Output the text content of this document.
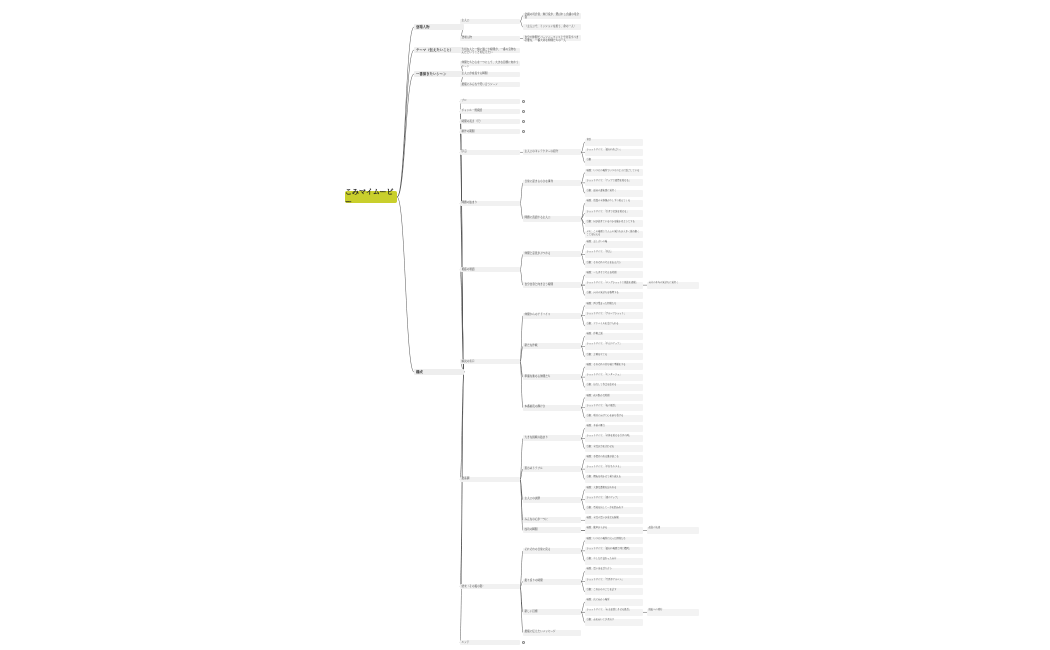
こみマイムービー
登場人物
主人公
会議の司会者、進行役が、選ばれし会議の司会者
（主人公で、ミッションを担う、命の一人）
登場人物	自分や仲間でパーフォーマンス上で共有すべき必要な、一番大切な仲間たちの一人
テーマ（伝えたいこと）	大切な人と一緒に過ごす時間が、一番の宝物なんだということを伝えたい
一番描きたいシーン
仲間たちと心を一つにして、大きな目標に向かうシーン
主人公が成長する瞬間
最後にみんなで笑い合うシーン
構成
プロ
ジャンル・規模感
時間の長さ（尺）
制作の期間
序章	主人公のキャラクターの紹介
背景
ショットサイズ：「最初の出会い」
行動
問題の始まり
日常に起きる小さな事件
場面：いつもの場所でいつものように過ごしている
ショットサイズ：「アップで表情を見せる」
行動：最初の違和感に気付く
問題に直面する主人公
場面：問題の全体像が少しずつ見えてくる
ショットサイズ：「引きで状況を見せる」
行動：何が起きているのかを確かめようとする
メモ：この場面で主人公の気持ちが大きく揺れ動くことを伝える
葛藤の場面
仲間と意見がぶつかる
場面：話し合いの場
ショットサイズ：「対話」
行動：それぞれの考えを伝え合う
自分自身と向き合う時間	自分の本当の気持ちに気付く
場面：一人きりで考える時間
ショットサイズ：「ロングショットで孤独を表現」
行動：自分の気持ちを整理する
解決の糸口
仲間からのアドバイス
場面：再び集まった仲間たち
ショットサイズ：「グループショット」
行動：アドバイスを受け入れる
新たな作戦
場面：作戦会議
ショットサイズ：「手元のアップ」
行動：計画を立てる
準備を進める仲間たち
場面：それぞれの持ち場で準備をする
ショットサイズ：「モンタージュ」
行動：協力して作業を進める
本番前夜の静けさ
場面：夜の静かな時間
ショットサイズ：「夜の風景」
行動：明日に向けて心を落ち着ける
最高潮
大きな挑戦の始まり
場面：本番の舞台
ショットサイズ：「全体を見せる引きの画」
行動：全員が力を合わせる
思わぬトラブル
場面：予想外の出来事が起こる
ショットサイズ：「手持ちカメラ」
行動：機転を利かせて乗り越える
主人公の決断
場面：大事な選択を迫られる
ショットサイズ：「顔のアップ」
行動：勇気を出して一歩を踏み出す
みんなの心が一つに	場面：全員の思いが重なる瞬間
成功の瞬間	最高の笑顔
場面：歓声が上がる
結末（その後の姿）
それぞれの日常に戻る
場面：いつもの場所に戻った仲間たち
ショットサイズ：「最初の場面と同じ構図」
行動：少しだけ変わった自分
振り返りの時間
場面：思い出を語り合う
ショットサイズ：「写真やアルバム」
行動：これからのことを話す
新しい目標	続編への期待
場面：次に向かう場所
ショットサイズ：「未来を感じさせる風景」
行動：前を向いて歩き出す
最後に伝えたいメッセージ
エンド
